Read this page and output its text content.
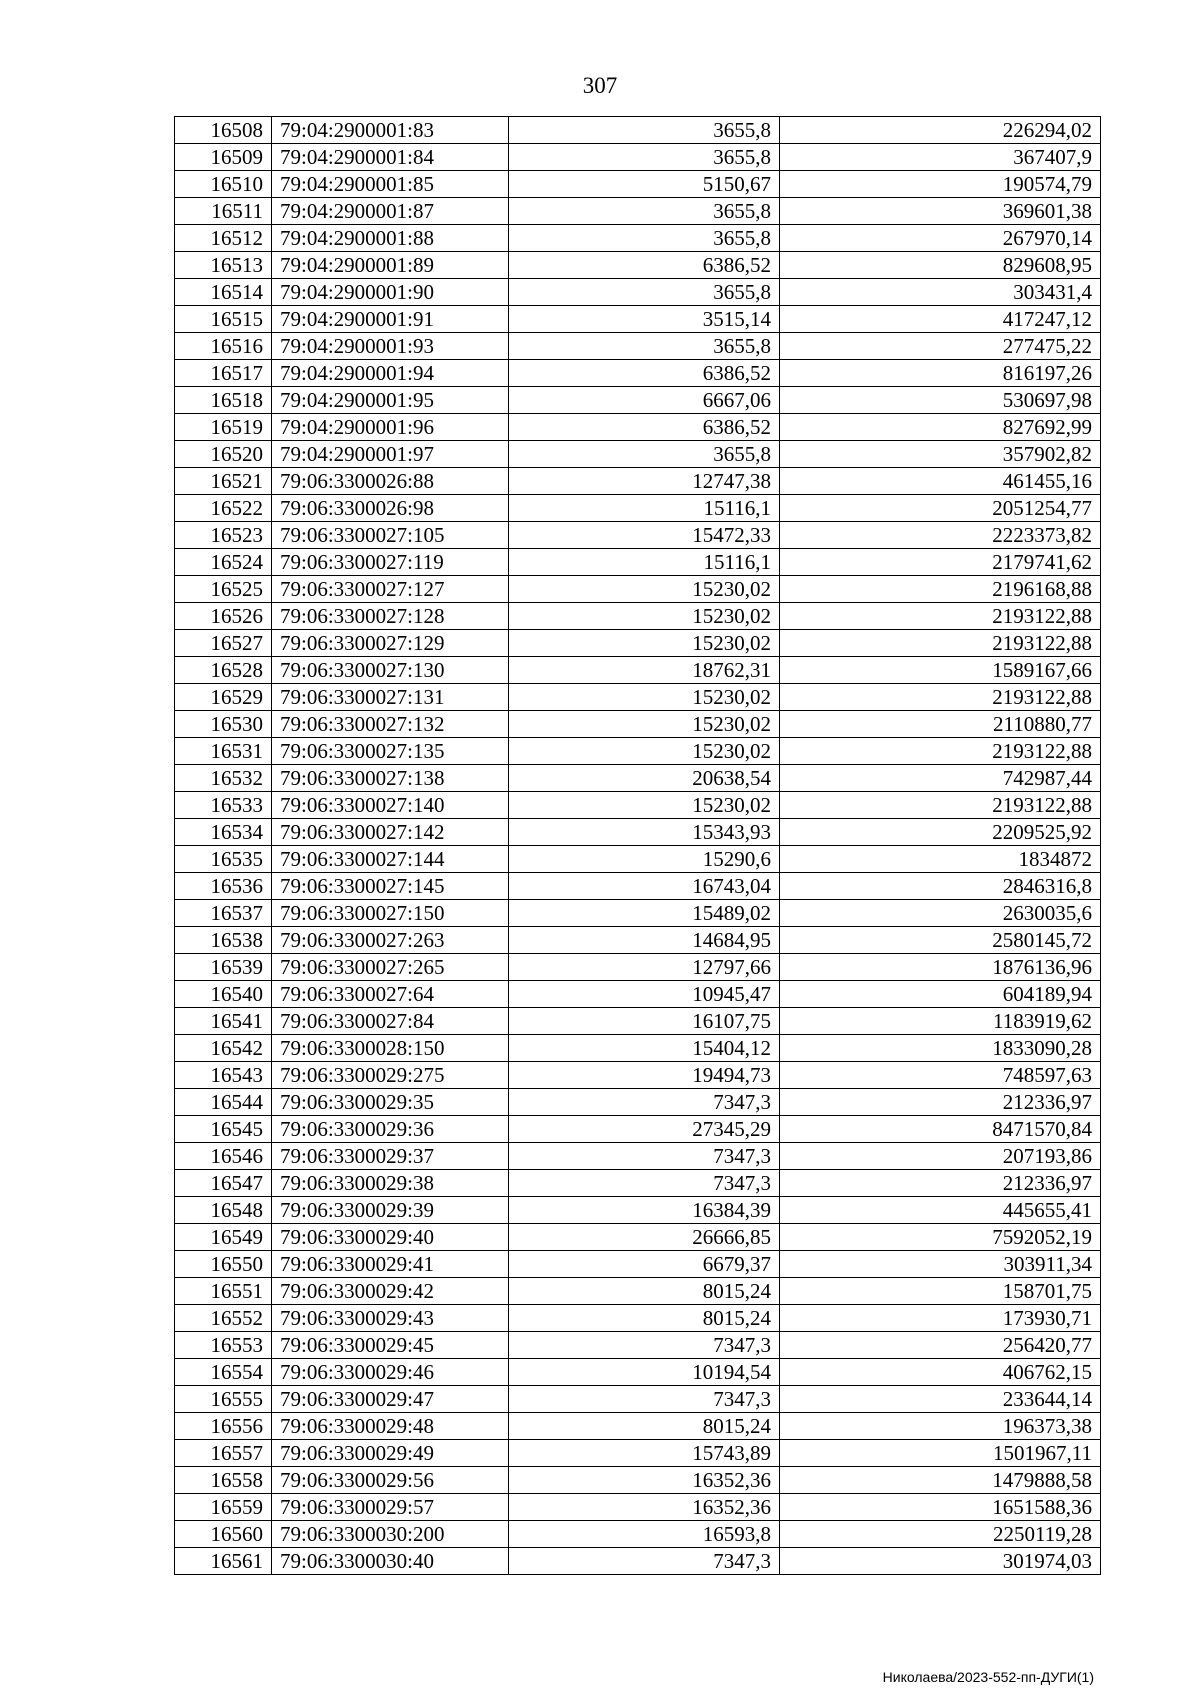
307
16508	79:04:2900001:83	3655,8	226294,02
16509	79:04:2900001:84	3655,8	367407,9
16510	79:04:2900001:85	5150,67	190574,79
16511	79:04:2900001:87	3655,8	369601,38
16512	79:04:2900001:88	3655,8	267970,14
16513	79:04:2900001:89	6386,52	829608,95
16514	79:04:2900001:90	3655,8	303431,4
16515	79:04:2900001:91	3515,14	417247,12
16516	79:04:2900001:93	3655,8	277475,22
16517	79:04:2900001:94	6386,52	816197,26
16518	79:04:2900001:95	6667,06	530697,98
16519	79:04:2900001:96	6386,52	827692,99
16520	79:04:2900001:97	3655,8	357902,82
16521	79:06:3300026:88	12747,38	461455,16
16522	79:06:3300026:98	15116,1	2051254,77
16523	79:06:3300027:105	15472,33	2223373,82
16524	79:06:3300027:119	15116,1	2179741,62
16525	79:06:3300027:127	15230,02	2196168,88
16526	79:06:3300027:128	15230,02	2193122,88
16527	79:06:3300027:129	15230,02	2193122,88
16528	79:06:3300027:130	18762,31	1589167,66
16529	79:06:3300027:131	15230,02	2193122,88
16530	79:06:3300027:132	15230,02	2110880,77
16531	79:06:3300027:135	15230,02	2193122,88
16532	79:06:3300027:138	20638,54	742987,44
16533	79:06:3300027:140	15230,02	2193122,88
16534	79:06:3300027:142	15343,93	2209525,92
16535	79:06:3300027:144	15290,6	1834872
16536	79:06:3300027:145	16743,04	2846316,8
16537	79:06:3300027:150	15489,02	2630035,6
16538	79:06:3300027:263	14684,95	2580145,72
16539	79:06:3300027:265	12797,66	1876136,96
16540	79:06:3300027:64	10945,47	604189,94
16541	79:06:3300027:84	16107,75	1183919,62
16542	79:06:3300028:150	15404,12	1833090,28
16543	79:06:3300029:275	19494,73	748597,63
16544	79:06:3300029:35	7347,3	212336,97
16545	79:06:3300029:36	27345,29	8471570,84
16546	79:06:3300029:37	7347,3	207193,86
16547	79:06:3300029:38	7347,3	212336,97
16548	79:06:3300029:39	16384,39	445655,41
16549	79:06:3300029:40	26666,85	7592052,19
16550	79:06:3300029:41	6679,37	303911,34
16551	79:06:3300029:42	8015,24	158701,75
16552	79:06:3300029:43	8015,24	173930,71
16553	79:06:3300029:45	7347,3	256420,77
16554	79:06:3300029:46	10194,54	406762,15
16555	79:06:3300029:47	7347,3	233644,14
16556	79:06:3300029:48	8015,24	196373,38
16557	79:06:3300029:49	15743,89	1501967,11
16558	79:06:3300029:56	16352,36	1479888,58
16559	79:06:3300029:57	16352,36	1651588,36
16560	79:06:3300030:200	16593,8	2250119,28
16561	79:06:3300030:40	7347,3	301974,03
Николаева/2023-552-пп-ДУГИ(1)
